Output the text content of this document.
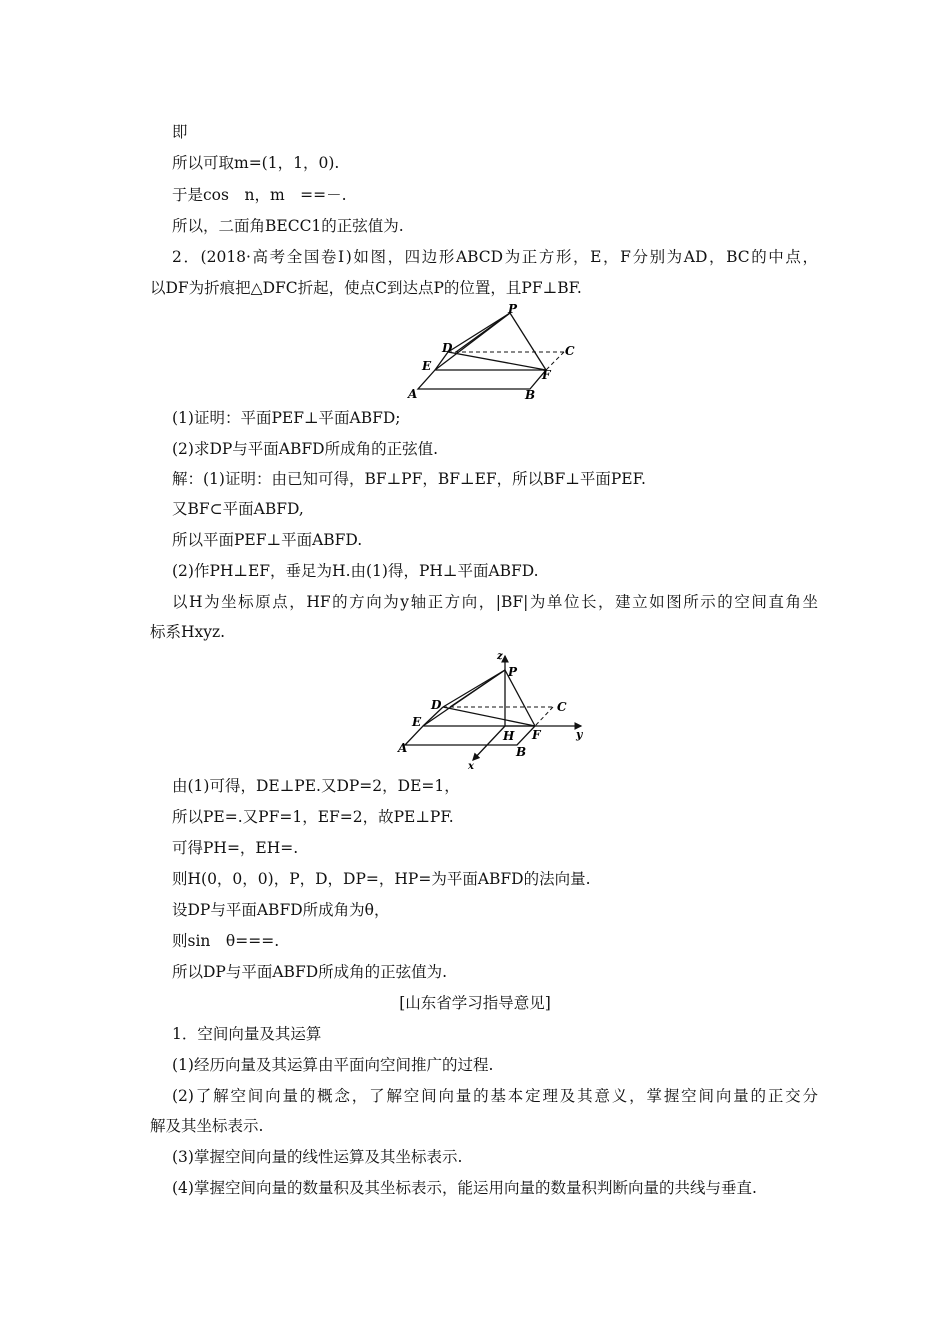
即
所以可取m=(1，1，0).
于是cos　n，m　==－.
所以，二面角BECC1的正弦值为.
2．(2018·高考全国卷Ⅰ)如图，四边形ABCD为正方形，E，F分别为AD，BC的中点，
以DF为折痕把△DFC折起，使点C到达点P的位置，且PF⊥BF.
P
D	C
E
F
A	B
(1)证明：平面PEF⊥平面ABFD;
(2)求DP与平面ABFD所成角的正弦值.
解：(1)证明：由已知可得，BF⊥PF，BF⊥EF，所以BF⊥平面PEF.
又BF⊂平面ABFD,
所以平面PEF⊥平面ABFD.
(2)作PH⊥EF，垂足为H.由(1)得，PH⊥平面ABFD.
以H为坐标原点，HF的方向为y轴正方向，|BF|为单位长，建立如图所示的空间直角坐
标系Hxyz.
z
P
D	C
E
H F	y
A	B
x
由(1)可得，DE⊥PE.又DP=2，DE=1，
所以PE=.又PF=1，EF=2，故PE⊥PF.
可得PH=，EH=.
则H(0，0，0)，P，D，DP=，HP=为平面ABFD的法向量.
设DP与平面ABFD所成角为θ，
则sin　θ===.
所以DP与平面ABFD所成角的正弦值为.
[山东省学习指导意见]
1．空间向量及其运算
(1)经历向量及其运算由平面向空间推广的过程.
(2)了解空间向量的概念，了解空间向量的基本定理及其意义，掌握空间向量的正交分
解及其坐标表示.
(3)掌握空间向量的线性运算及其坐标表示.
(4)掌握空间向量的数量积及其坐标表示，能运用向量的数量积判断向量的共线与垂直.
